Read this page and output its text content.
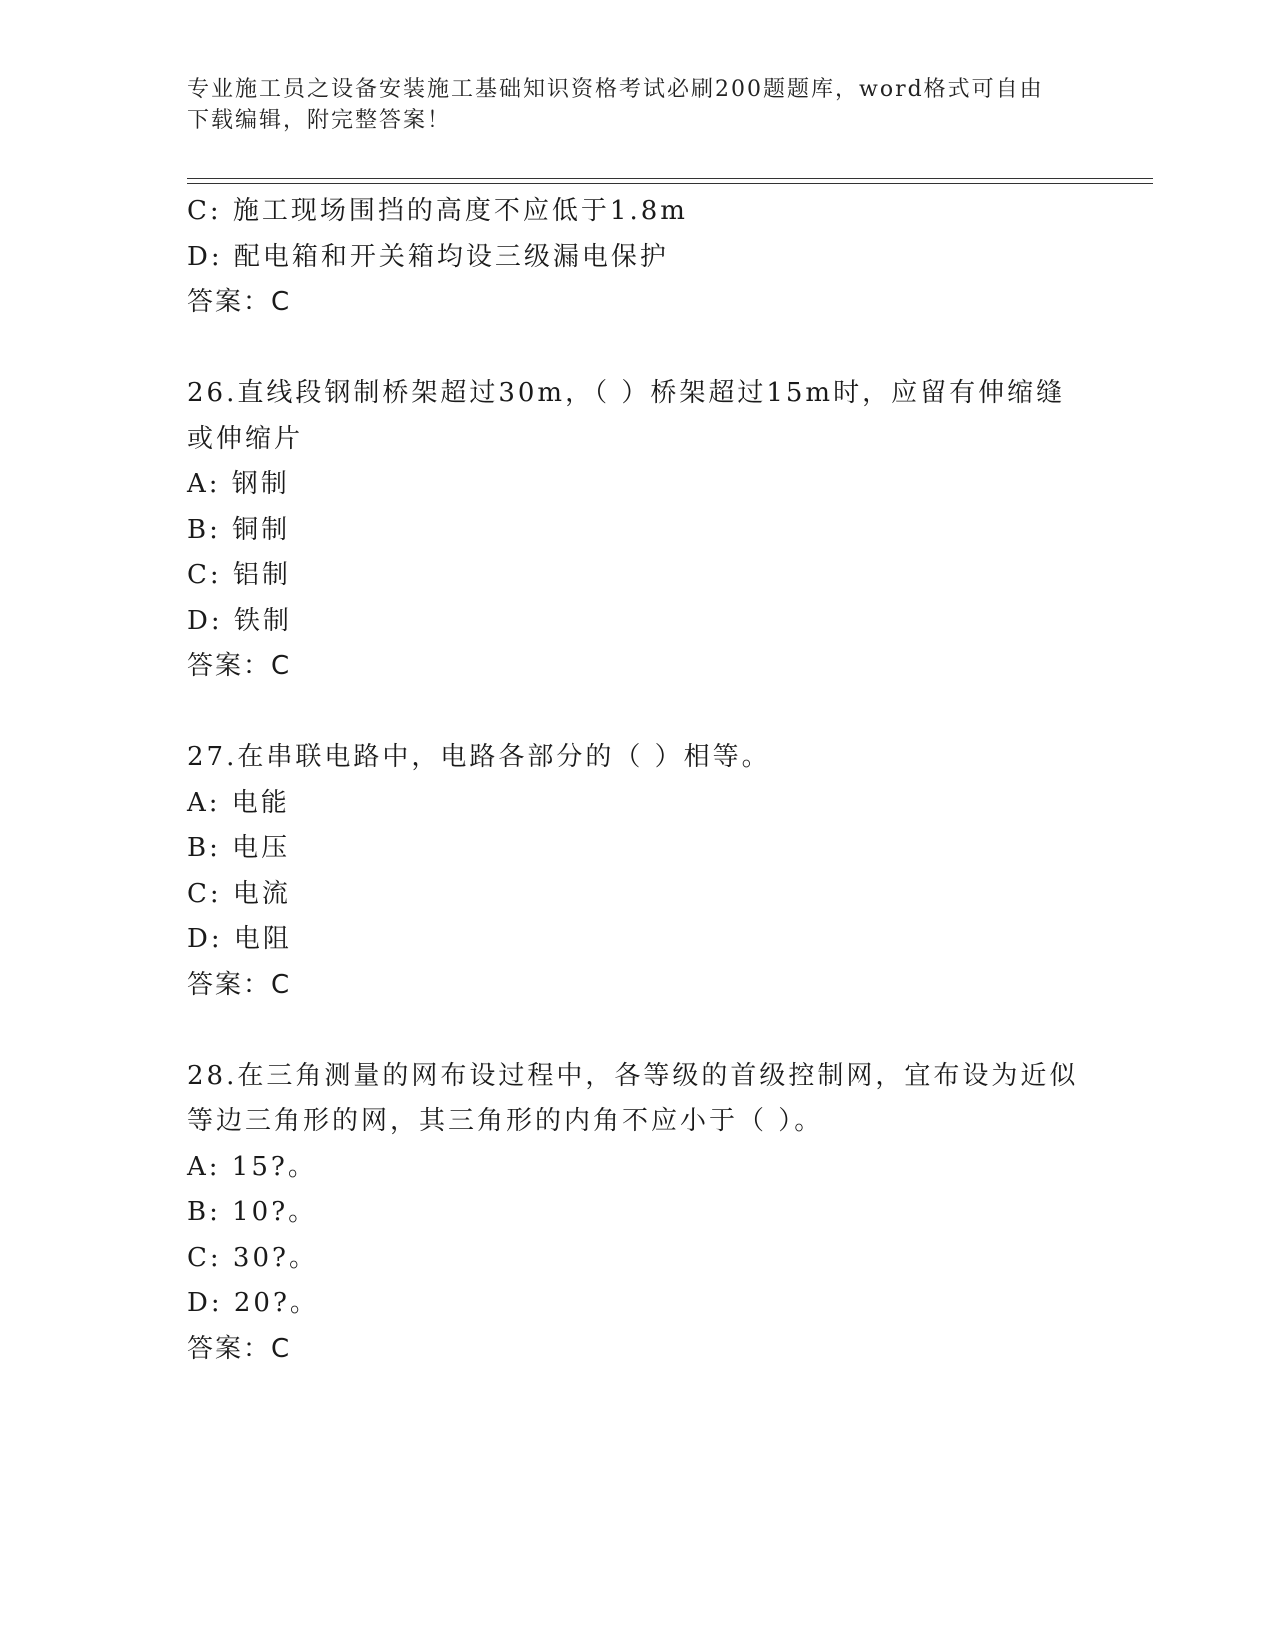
专业施工员之设备安装施工基础知识资格考试必刷200题题库，word格式可自由下载编辑，附完整答案！
C: 施工现场围挡的高度不应低于1.8m
D: 配电箱和开关箱均设三级漏电保护
答案：C
26.直线段钢制桥架超过30m，（ ）桥架超过15m时，应留有伸缩缝或伸缩片
A: 钢制
B: 铜制
C: 铝制
D: 铁制
答案：C
27.在串联电路中，电路各部分的（ ）相等。
A: 电能
B: 电压
C: 电流
D: 电阻
答案：C
28.在三角测量的网布设过程中，各等级的首级控制网，宜布设为近似等边三角形的网，其三角形的内角不应小于（ ）。
A: 15?。
B: 10?。
C: 30?。
D: 20?。
答案：C
